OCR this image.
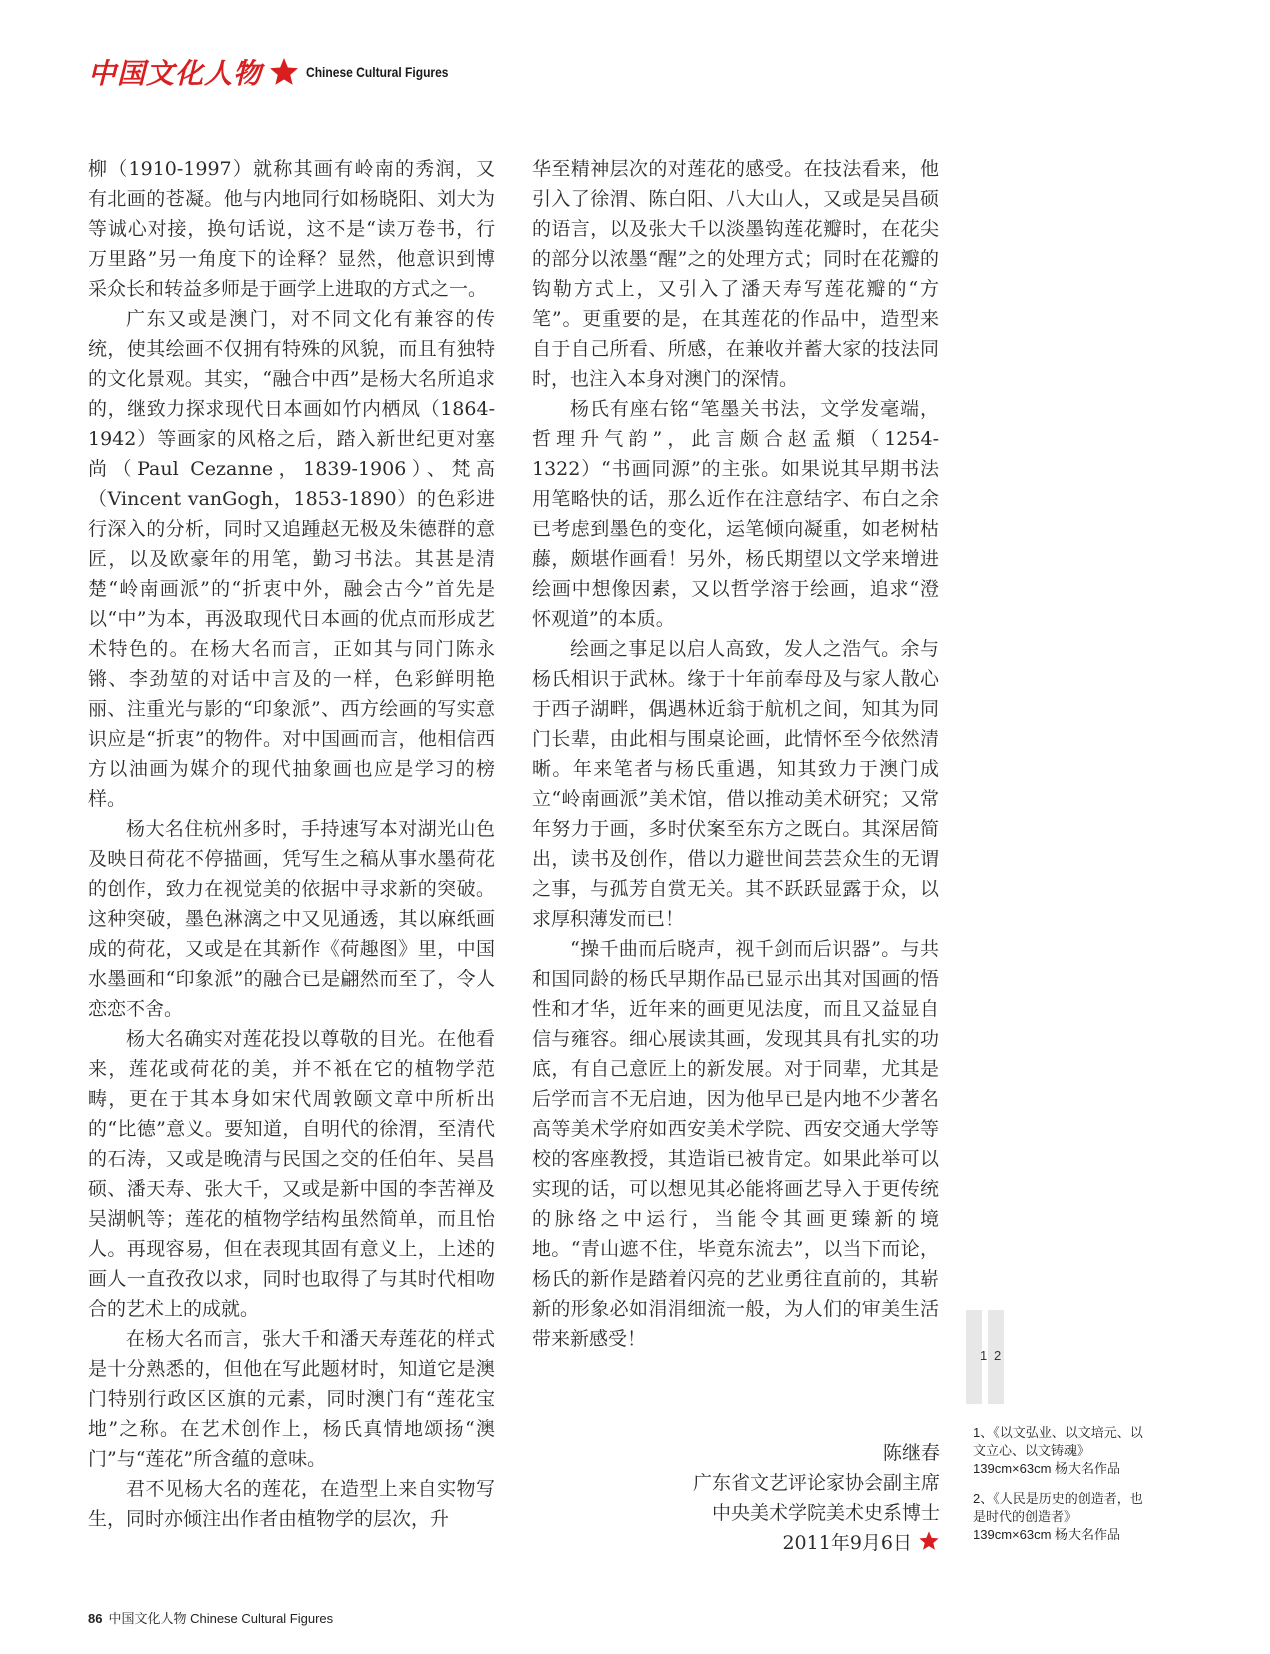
中国文化人物	Chinese Cultural Figures

柳（1910-1997）就称其画有岭南的秀润，又有北画的苍凝。他与内地同行如杨晓阳、刘大为等诚心对接，换句话说，这不是“读万卷书，行万里路”另一角度下的诠释？显然，他意识到博采众长和转益多师是于画学上进取的方式之一。

广东又或是澳门，对不同文化有兼容的传统，使其绘画不仅拥有特殊的风貌，而且有独特的文化景观。其实，“融合中西”是杨大名所追求的，继致力探求现代日本画如竹内栖凤（1864-1942）等画家的风格之后，踏入新世纪更对塞尚（Paul Cezanne，1839-1906）、梵高（Vincent vanGogh，1853-1890）的色彩进行深入的分析，同时又追踵赵无极及朱德群的意匠，以及欧豪年的用笔，勤习书法。其甚是清楚“岭南画派”的“折衷中外，融会古今”首先是以“中”为本，再汲取现代日本画的优点而形成艺术特色的。在杨大名而言，正如其与同门陈永锵、李劲堃的对话中言及的一样，色彩鲜明艳丽、注重光与影的“印象派”、西方绘画的写实意识应是“折衷”的物件。对中国画而言，他相信西方以油画为媒介的现代抽象画也应是学习的榜样。

杨大名住杭州多时，手持速写本对湖光山色及映日荷花不停描画，凭写生之稿从事水墨荷花的创作，致力在视觉美的依据中寻求新的突破。这种突破，墨色淋漓之中又见通透，其以麻纸画成的荷花，又或是在其新作《荷趣图》里，中国水墨画和“印象派”的融合已是翩然而至了，令人恋恋不舍。

杨大名确实对莲花投以尊敬的目光。在他看来，莲花或荷花的美，并不衹在它的植物学范畴，更在于其本身如宋代周敦颐文章中所析出的“比德”意义。要知道，自明代的徐渭，至清代的石涛，又或是晚清与民国之交的任伯年、吴昌硕、潘天寿、张大千，又或是新中国的李苦禅及吴湖帆等；莲花的植物学结构虽然简单，而且怡人。再现容易，但在表现其固有意义上，上述的画人一直孜孜以求，同时也取得了与其时代相吻合的艺术上的成就。

在杨大名而言，张大千和潘天寿莲花的样式是十分熟悉的，但他在写此题材时，知道它是澳门特别行政区区旗的元素，同时澳门有“莲花宝地”之称。在艺术创作上，杨氏真情地颂扬“澳门”与“莲花”所含蕴的意味。

君不见杨大名的莲花，在造型上来自实物写生，同时亦倾注出作者由植物学的层次，升

华至精神层次的对莲花的感受。在技法看来，他引入了徐渭、陈白阳、八大山人，又或是吴昌硕的语言，以及张大千以淡墨钩莲花瓣时，在花尖的部分以浓墨“醒”之的处理方式；同时在花瓣的钩勒方式上，又引入了潘天寿写莲花瓣的“方笔”。更重要的是，在其莲花的作品中，造型来自于自己所看、所感，在兼收并蓄大家的技法同时，也注入本身对澳门的深情。

杨氏有座右铭“笔墨关书法，文学发毫端，哲理升气韵”，此言颇合赵孟頫（1254-1322）“书画同源”的主张。如果说其早期书法用笔略快的话，那么近作在注意结字、布白之余已考虑到墨色的变化，运笔倾向凝重，如老树枯藤，颇堪作画看！另外，杨氏期望以文学来增进绘画中想像因素，又以哲学溶于绘画，追求“澄怀观道”的本质。

绘画之事足以启人高致，发人之浩气。余与杨氏相识于武林。缘于十年前奉母及与家人散心于西子湖畔，偶遇林近翁于航机之间，知其为同门长辈，由此相与围桌论画，此情怀至今依然清晰。年来笔者与杨氏重遇，知其致力于澳门成立“岭南画派”美术馆，借以推动美术研究；又常年努力于画，多时伏案至东方之既白。其深居简出，读书及创作，借以力避世间芸芸众生的无谓之事，与孤芳自赏无关。其不跃跃显露于众，以求厚积薄发而已！

“操千曲而后晓声，视千剑而后识器”。与共和国同龄的杨氏早期作品已显示出其对国画的悟性和才华，近年来的画更见法度，而且又益显自信与雍容。细心展读其画，发现其具有扎实的功底，有自己意匠上的新发展。对于同辈，尤其是后学而言不无启迪，因为他早已是内地不少著名高等美术学府如西安美术学院、西安交通大学等校的客座教授，其造诣已被肯定。如果此举可以实现的话，可以想见其必能将画艺导入于更传统的脉络之中运行，当能令其画更臻新的境地。“青山遮不住，毕竟东流去”，以当下而论，杨氏的新作是踏着闪亮的艺业勇往直前的，其崭新的形象必如涓涓细流一般，为人们的审美生活带来新感受！

陈继春
广东省文艺评论家协会副主席
中央美术学院美术史系博士
2011年9月6日
1 2
1、《以文弘业、以文培元、以
文立心、以文铸魂》
139cm×63cm 杨大名作品
2、《人民是历史的创造者，也
是时代的创造者》
139cm×63cm 杨大名作品
86 中国文化人物 Chinese Cultural Figures
